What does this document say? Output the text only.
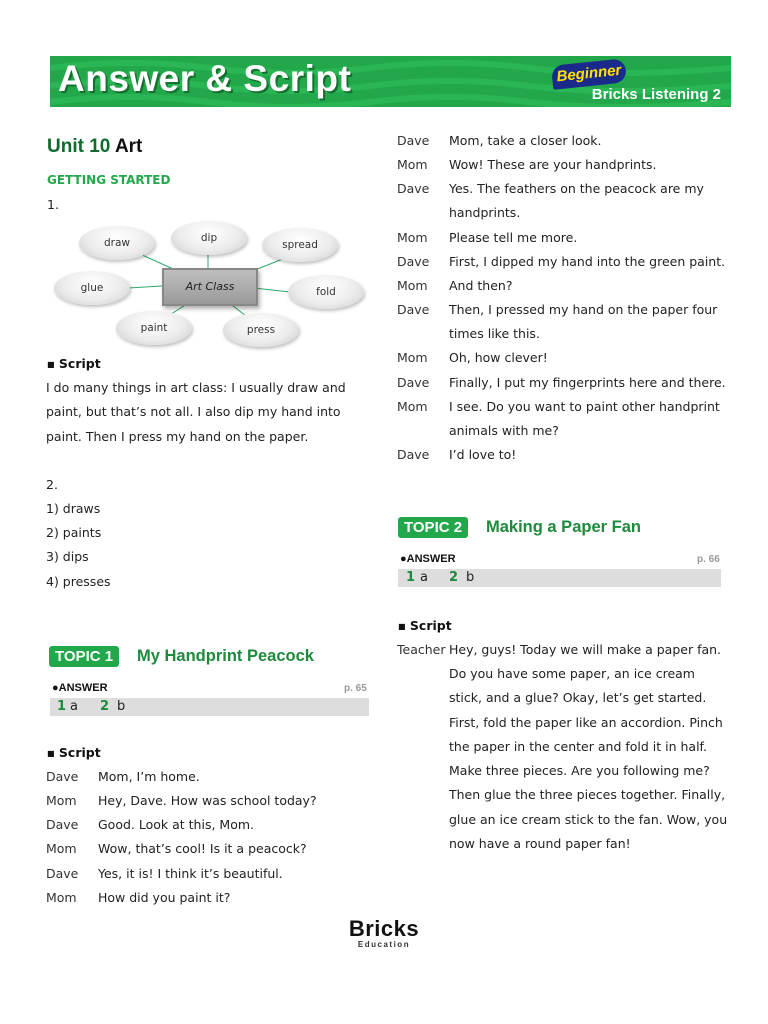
Answer & Script	Beginner
Bricks Listening 2
Unit 10 Art
GETTING STARTED
1.
draw	dip
spread
glue	fold
paint	press
Art Class
■ Script
I do many things in art class: I usually draw and
paint, but that’s not all. I also dip my hand into
paint. Then I press my hand on the paper.
2.
1) draws
2) paints
3) dips
4) presses
TOPIC 1	My Handprint Peacock
●ANSWER	p. 65
1 a 2 b
■ Script
Dave Mom, I’m home.
Mom Hey, Dave. How was school today?
Dave Good. Look at this, Mom.
Mom Wow, that’s cool! Is it a peacock?
Dave Yes, it is! I think it’s beautiful.
Mom How did you paint it?
Dave Mom, take a closer look.
Mom Wow! These are your handprints.
Dave Yes. The feathers on the peacock are my
handprints.
Mom Please tell me more.
Dave First, I dipped my hand into the green paint.
Mom And then?
Dave Then, I pressed my hand on the paper four
times like this.
Mom Oh, how clever!
Dave Finally, I put my fingerprints here and there.
Mom I see. Do you want to paint other handprint
animals with me?
Dave I’d love to!
TOPIC 2	Making a Paper Fan
●ANSWER	p. 66
1 a 2 b
■ Script
Teacher Hey, guys! Today we will make a paper fan.
Do you have some paper, an ice cream
stick, and a glue? Okay, let’s get started.
First, fold the paper like an accordion. Pinch
the paper in the center and fold it in half.
Make three pieces. Are you following me?
Then glue the three pieces together. Finally,
glue an ice cream stick to the fan. Wow, you
now have a round paper fan!
Bricks
Education
